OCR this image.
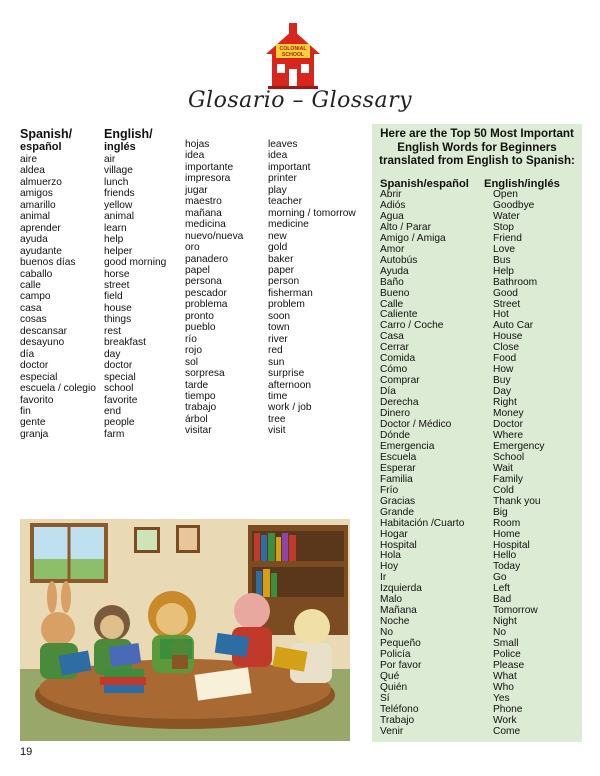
COLONIAL
SCHOOL
Glosario – Glossary
Spanish/
español
aire
aldea
almuerzo
amigos
amarillo
animal
aprender
ayuda
ayudante
buenos días
caballo
calle
campo
casa
cosas
descansar
desayuno
día
doctor
especial
escuela / colegio
favorito
fin
gente
granja
English/
inglés
air
village
lunch
friends
yellow
animal
learn
help
helper
good morning
horse
street
field
house
things
rest
breakfast
day
doctor
special
school
favorite
end
people
farm
hojas
idea
importante
impresora
jugar
maestro
mañana
medicina
nuevo/nueva
oro
panadero
papel
persona
pescador
problema
pronto
pueblo
río
rojo
sol
sorpresa
tarde
tiempo
trabajo
árbol
visitar
leaves
idea
important
printer
play
teacher
morning / tomorrow
medicine
new
gold
baker
paper
person
fisherman
problem
soon
town
river
red
sun
surprise
afternoon
time
work / job
tree
visit
Here are the Top 50 Most Important
English Words for Beginners
translated from English to Spanish:
Spanish/español English/inglés
Abrir
Adiós
Agua
Alto / Parar
Amigo / Amiga
Amor
Autobús
Ayuda
Baño
Bueno
Calle
Caliente
Carro / Coche
Casa
Cerrar
Comida
Cómo
Comprar
Día
Derecha
Dinero
Doctor / Médico
Dónde
Emergencia
Escuela
Esperar
Familia
Frío
Gracias
Grande
Habitación /Cuarto
Hogar
Hospital
Hola
Hoy
Ir
Izquierda
Malo
Mañana
Noche
No
Pequeño
Policía
Por favor
Qué
Quién
Sí
Teléfono
Trabajo
Venir
Open
Goodbye
Water
Stop
Friend
Love
Bus
Help
Bathroom
Good
Street
Hot
Auto Car
House
Close
Food
How
Buy
Day
Right
Money
Doctor
Where
Emergency
School
Wait
Family
Cold
Thank you
Big
Room
Home
Hospital
Hello
Today
Go
Left
Bad
Tomorrow
Night
No
Small
Police
Please
What
Who
Yes
Phone
Work
Come
19
